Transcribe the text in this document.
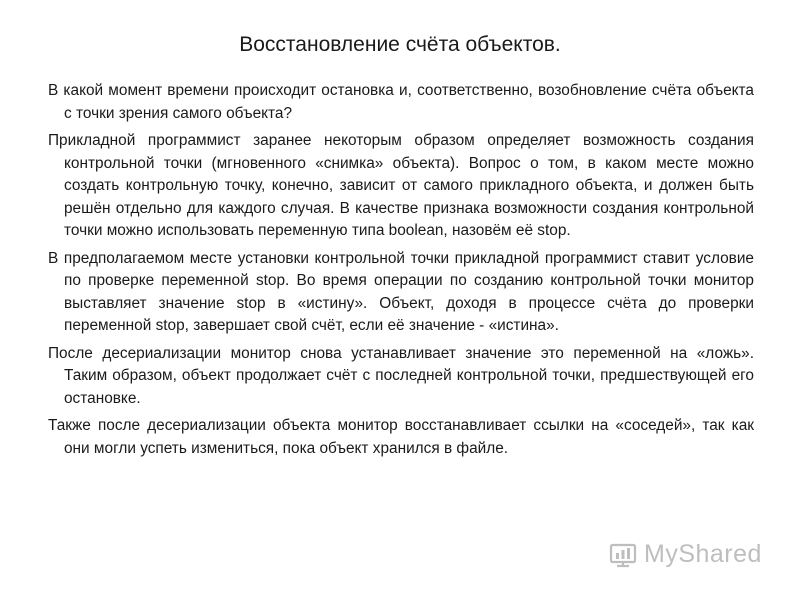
Восстановление счёта объектов.

В какой момент времени происходит остановка и, соответственно, возобновление счёта объекта с точки зрения самого объекта?

Прикладной программист заранее некоторым образом определяет возможность создания контрольной точки (мгновенного «снимка» объекта). Вопрос о том, в каком месте можно создать контрольную точку, конечно, зависит от самого прикладного объекта, и должен быть решён отдельно для каждого случая. В качестве признака возможности создания контрольной точки можно использовать переменную типа boolean, назовём её stop.

В предполагаемом месте установки контрольной точки прикладной программист ставит условие по проверке переменной stop. Во время операции по созданию контрольной точки монитор выставляет значение stop в «истину». Объект, доходя в процессе счёта до проверки переменной stop, завершает свой счёт, если её значение - «истина».

После десериализации монитор снова устанавливает значение это переменной на «ложь». Таким образом, объект продолжает счёт с последней контрольной точки, предшествующей его остановке.

Также после десериализации объекта монитор восстанавливает ссылки на «соседей», так как они могли успеть измениться, пока объект хранился в файле.

MyShared
